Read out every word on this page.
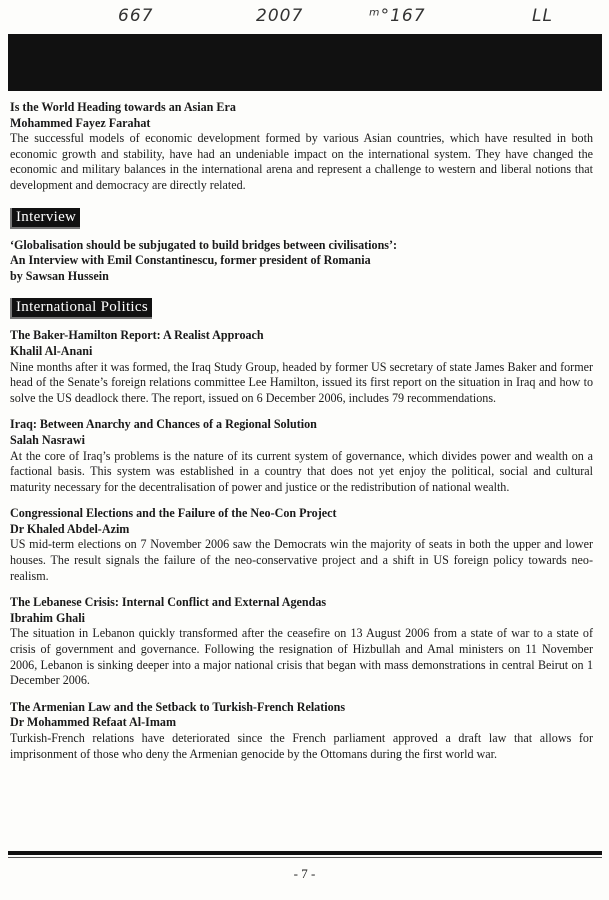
667	2007	ᵐ°167	LL
Is the World Heading towards an Asian Era
Mohammed Fayez Farahat
The successful models of economic development formed by various Asian countries, which have resulted in both economic growth and stability, have had an undeniable impact on the international system. They have changed the economic and military balances in the international arena and represent a challenge to western and liberal notions that development and democracy are directly related.
Interview
‘Globalisation should be subjugated to build bridges between civilisations’:
An Interview with Emil Constantinescu, former president of Romania
by Sawsan Hussein
International Politics
The Baker-Hamilton Report: A Realist Approach
Khalil Al-Anani
Nine months after it was formed, the Iraq Study Group, headed by former US secretary of state James Baker and former head of the Senate’s foreign relations committee Lee Hamilton, issued its first report on the situation in Iraq and how to solve the US deadlock there. The report, issued on 6 December 2006, includes 79 recommendations.
Iraq: Between Anarchy and Chances of a Regional Solution
Salah Nasrawi
At the core of Iraq’s problems is the nature of its current system of governance, which divides power and wealth on a factional basis. This system was established in a country that does not yet enjoy the political, social and cultural maturity necessary for the decentralisation of power and justice or the redistribution of national wealth.
Congressional Elections and the Failure of the Neo-Con Project
Dr Khaled Abdel-Azim
US mid-term elections on 7 November 2006 saw the Democrats win the majority of seats in both the upper and lower houses. The result signals the failure of the neo-conservative project and a shift in US foreign policy towards neo-realism.
The Lebanese Crisis: Internal Conflict and External Agendas
Ibrahim Ghali
The situation in Lebanon quickly transformed after the ceasefire on 13 August 2006 from a state of war to a state of crisis of government and governance. Following the resignation of Hizbullah and Amal ministers on 11 November 2006, Lebanon is sinking deeper into a major national crisis that began with mass demonstrations in central Beirut on 1 December 2006.
The Armenian Law and the Setback to Turkish-French Relations
Dr Mohammed Refaat Al-Imam
Turkish-French relations have deteriorated since the French parliament approved a draft law that allows for imprisonment of those who deny the Armenian genocide by the Ottomans during the first world war.
- 7 -
